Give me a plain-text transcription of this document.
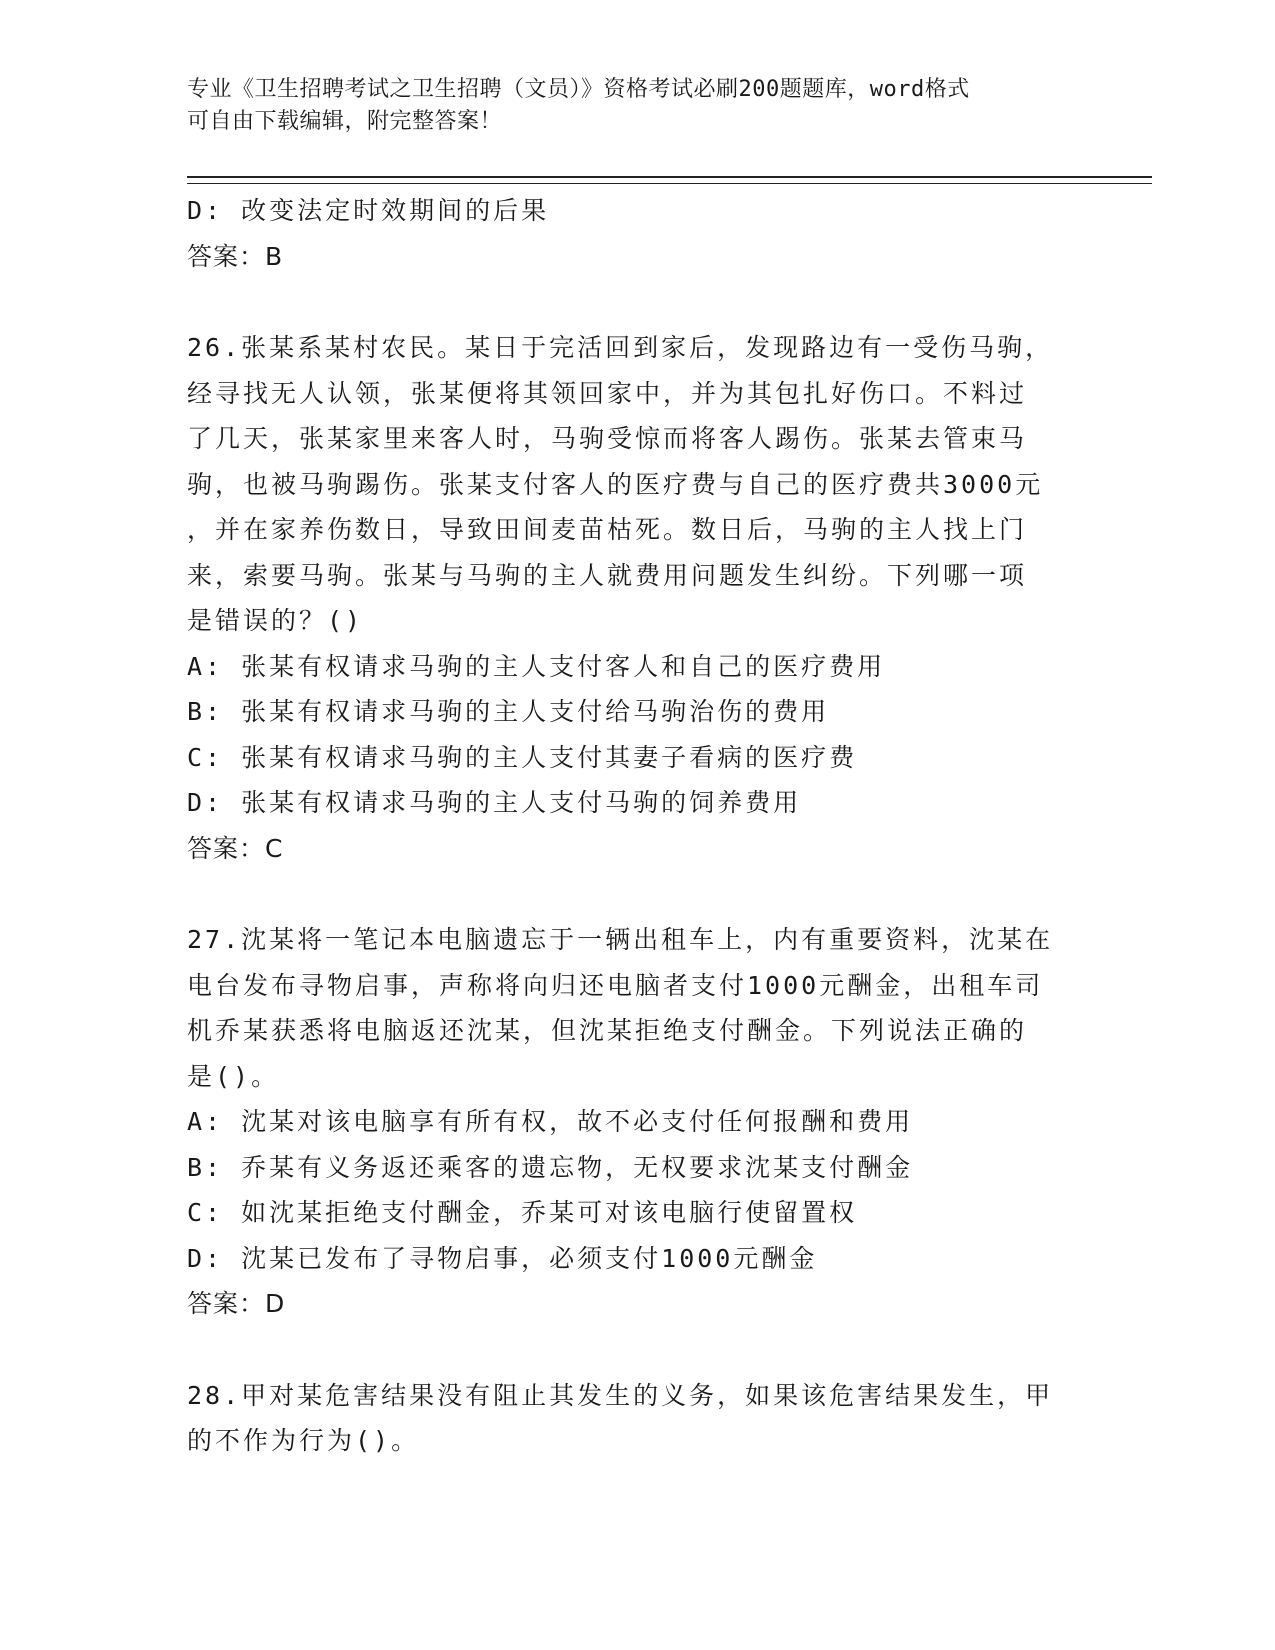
专业《卫生招聘考试之卫生招聘（文员）》资格考试必刷200题题库，word格式
可自由下载编辑，附完整答案！
D: 改变法定时效期间的后果
答案：B
26.张某系某村农民。某日于完活回到家后，发现路边有一受伤马驹，
经寻找无人认领，张某便将其领回家中，并为其包扎好伤口。不料过
了几天，张某家里来客人时，马驹受惊而将客人踢伤。张某去管束马
驹，也被马驹踢伤。张某支付客人的医疗费与自己的医疗费共3000元
，并在家养伤数日，导致田间麦苗枯死。数日后，马驹的主人找上门
来，索要马驹。张某与马驹的主人就费用问题发生纠纷。下列哪一项
是错误的？()
A: 张某有权请求马驹的主人支付客人和自己的医疗费用
B: 张某有权请求马驹的主人支付给马驹治伤的费用
C: 张某有权请求马驹的主人支付其妻子看病的医疗费
D: 张某有权请求马驹的主人支付马驹的饲养费用
答案：C
27.沈某将一笔记本电脑遗忘于一辆出租车上，内有重要资料，沈某在
电台发布寻物启事，声称将向归还电脑者支付1000元酬金，出租车司
机乔某获悉将电脑返还沈某，但沈某拒绝支付酬金。下列说法正确的
是()。
A: 沈某对该电脑享有所有权，故不必支付任何报酬和费用
B: 乔某有义务返还乘客的遗忘物，无权要求沈某支付酬金
C: 如沈某拒绝支付酬金，乔某可对该电脑行使留置权
D: 沈某已发布了寻物启事，必须支付1000元酬金
答案：D
28.甲对某危害结果没有阻止其发生的义务，如果该危害结果发生，甲
的不作为行为()。
